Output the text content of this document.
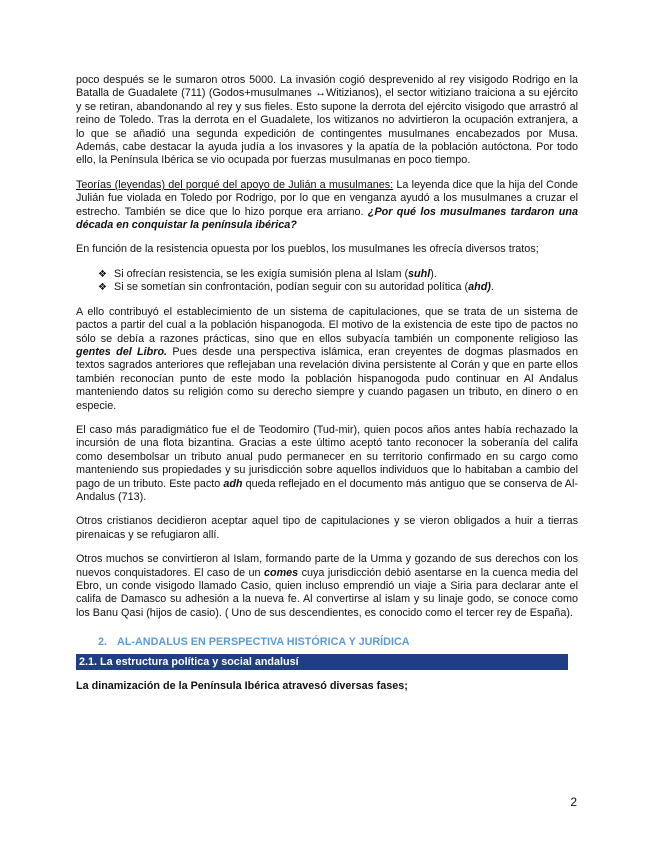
poco después se le sumaron otros 5000. La invasión cogió desprevenido al rey visigodo Rodrigo en la Batalla de Guadalete (711) (Godos+musulmanes ↔Witizianos), el sector witiziano traiciona a su ejército y se retiran, abandonando al rey y sus fieles. Esto supone la derrota del ejército visigodo que arrastró al reino de Toledo. Tras la derrota en el Guadalete, los witizanos no advirtieron la ocupación extranjera, a lo que se añadió una segunda expedición de contingentes musulmanes encabezados por Musa. Además, cabe destacar la ayuda judía a los invasores y la apatía de la población autóctona. Por todo ello, la Península Ibérica se vio ocupada por fuerzas musulmanas en poco tiempo.

Teorías (leyendas) del porqué del apoyo de Julián a musulmanes: La leyenda dice que la hija del Conde Julián fue violada en Toledo por Rodrigo, por lo que en venganza ayudó a los musulmanes a cruzar el estrecho. También se dice que lo hizo porque era arriano. ¿Por qué los musulmanes tardaron una década en conquistar la península ibérica?

En función de la resistencia opuesta por los pueblos, los musulmanes les ofrecía diversos tratos;

❖ Si ofrecían resistencia, se les exigía sumisión plena al Islam (suhl).
❖ Si se sometían sin confrontación, podían seguir con su autoridad política (ahd).

A ello contribuyó el establecimiento de un sistema de capitulaciones, que se trata de un sistema de pactos a partir del cual a la población hispanogoda. El motivo de la existencia de este tipo de pactos no sólo se debía a razones prácticas, sino que en ellos subyacía también un componente religioso las gentes del Libro. Pues desde una perspectiva islámica, eran creyentes de dogmas plasmados en textos sagrados anteriores que reflejaban una revelación divina persistente al Corán y que en parte ellos también reconocían punto de este modo la población hispanogoda pudo continuar en Al Andalus manteniendo datos su religión como su derecho siempre y cuando pagasen un tributo, en dinero o en especie.

El caso más paradigmático fue el de Teodomiro (Tud-mir), quien pocos años antes había rechazado la incursión de una flota bizantina. Gracias a este último aceptó tanto reconocer la soberanía del califa como desembolsar un tributo anual pudo permanecer en su territorio confirmado en su cargo como manteniendo sus propiedades y su jurisdicción sobre aquellos individuos que lo habitaban a cambio del pago de un tributo. Este pacto adh queda reflejado en el documento más antiguo que se conserva de Al-Andalus (713).

Otros cristianos decidieron aceptar aquel tipo de capitulaciones y se vieron obligados a huir a tierras pirenaicas y se refugiaron allí.

Otros muchos se convirtieron al Islam, formando parte de la Umma y gozando de sus derechos con los nuevos conquistadores. El caso de un comes cuya jurisdicción debió asentarse en la cuenca media del Ebro, un conde visigodo llamado Casio, quien incluso emprendió un viaje a Siria para declarar ante el califa de Damasco su adhesión a la nueva fe. Al convertirse al islam y su linaje godo, se conoce como los Banu Qasi (hijos de casio). ( Uno de sus descendientes, es conocido como el tercer rey de España).

2. AL-ANDALUS EN PERSPECTIVA HISTÓRICA Y JURÍDICA
2.1. La estructura política y social andalusí

La dinamización de la Península Ibérica atravesó diversas fases;

2
